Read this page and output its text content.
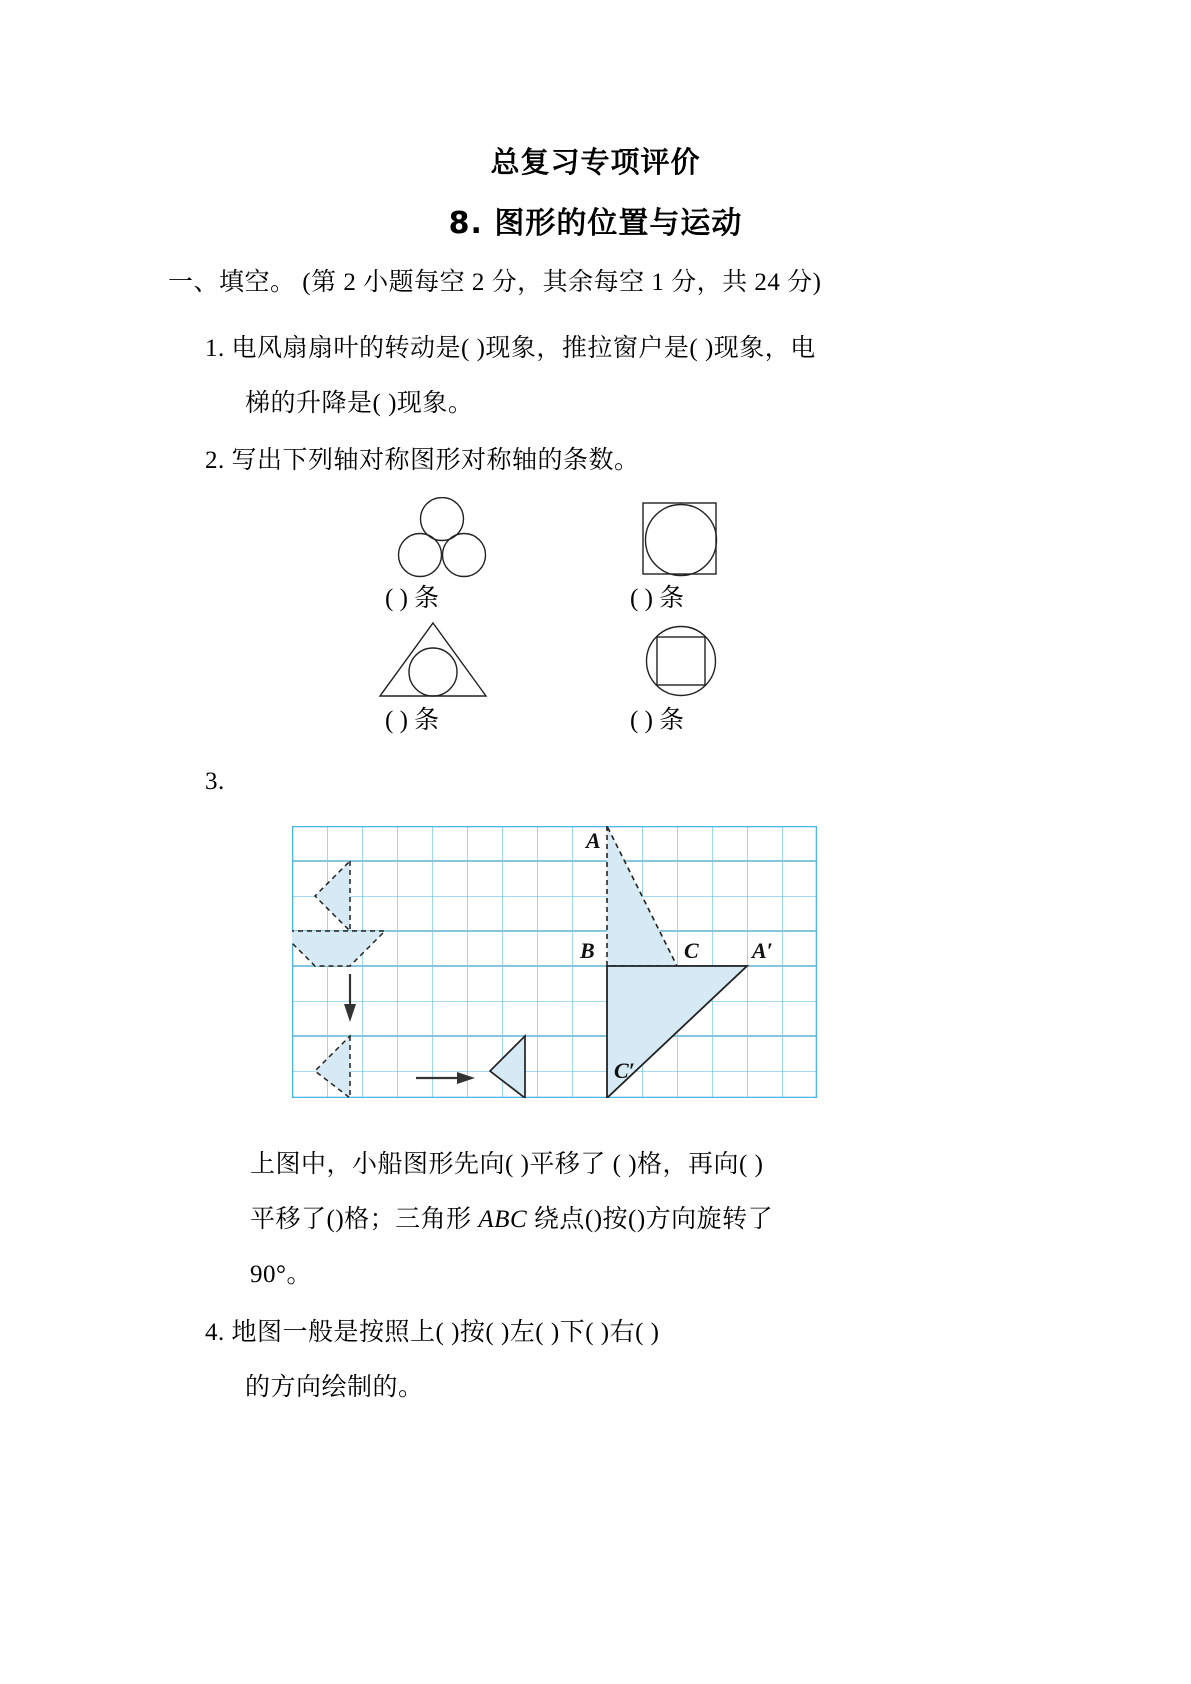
总复习专项评价
8. 图形的位置与运动
一、填空。 (第 2 小题每空 2 分，其余每空 1 分，共 24 分)
1. 电风扇扇叶的转动是( )现象，推拉窗户是( )现象，电
梯的升降是( )现象。
2. 写出下列轴对称图形对称轴的条数。
( ) 条	( ) 条
( ) 条	( ) 条
3.
A
B	C A′
C′
上图中，小船图形先向( )平移了 ( )格，再向( )
平移了()格；三角形 ABC 绕点()按()方向旋转了
90°。
4. 地图一般是按照上( )按( )左( )下( )右( )
的方向绘制的。
